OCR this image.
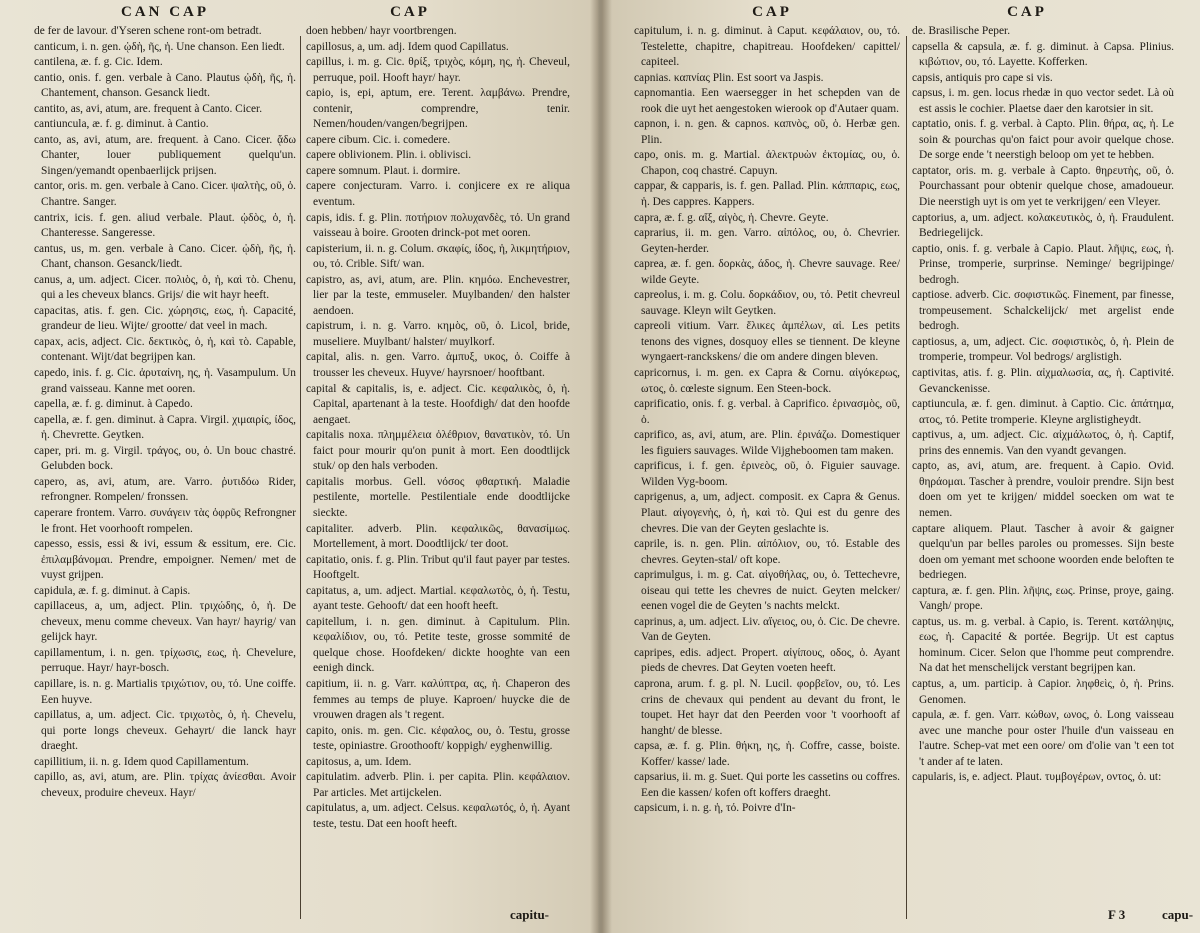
CAN CAP	CAP

de fer de lavour. d'Yseren schene ront-om betradt.

canticum, i. n. gen. ᾠδὴ, ῆς, ἡ. Une chanson. Een liedt.

cantilena, æ. f. g. Cic. Idem.

cantio, onis. f. gen. verbale à Cano. Plautus ᾠδὴ, ῆς, ἡ. Chantement, chanson. Gesanck liedt.

cantito, as, avi, atum, are. frequent à Canto. Cicer.

cantiuncula, æ. f. g. diminut. à Cantio.

canto, as, avi, atum, are. frequent. à Cano. Cicer. ᾄδω Chanter, louer publiquement quelqu'un. Singen/yemandt openbaerlijck prijsen.

cantor, oris. m. gen. verbale à Cano. Cicer. ψαλτὴς, οῦ, ὁ. Chantre. Sanger.

cantrix, icis. f. gen. aliud verbale. Plaut. ᾠδὸς, ὁ, ἡ. Chanteresse. Sangeresse.

cantus, us, m. gen. verbale à Cano. Cicer. ᾠδὴ, ῆς, ἡ. Chant, chanson. Gesanck/liedt.

canus, a, um. adject. Cicer. πολιὸς, ὁ, ἡ, καὶ τὸ. Chenu, qui a les cheveux blancs. Grijs/ die wit hayr heeft.

capacitas, atis. f. gen. Cic. χώρησις, εως, ἡ. Capacité, grandeur de lieu. Wijte/ grootte/ dat veel in mach.

capax, acis, adject. Cic. δεκτικὸς, ὁ, ἡ, καὶ τὸ. Capable, contenant. Wijt/dat begrijpen kan.

capedo, inis. f. g. Cic. ἀρυταίνη, ης, ἡ. Vasampulum. Un grand vaisseau. Kanne met ooren.

capella, æ. f. g. diminut. à Capedo.

capella, æ. f. gen. diminut. à Capra. Virgil. χιμαιρίς, ίδος, ἡ. Chevrette. Geytken.

caper, pri. m. g. Virgil. τράγος, ου, ὁ. Un bouc chastré. Gelubden bock.

capero, as, avi, atum, are. Varro. ῥυτιδόω Rider, refrongner. Rompelen/ fronssen.

caperare frontem. Varro. συνάγειν τὰς ὀφρῦς Refrongner le front. Het voorhooft rompelen.

capesso, essis, essi & ivi, essum & essitum, ere. Cic. ἐπιλαμβάνομαι. Prendre, empoigner. Nemen/ met de vuyst grijpen.

capidula, æ. f. g. diminut. à Capis.

capillaceus, a, um, adject. Plin. τριχώδης, ὁ, ἡ. De cheveux, menu comme cheveux. Van hayr/ hayrig/ van gelijck hayr.

capillamentum, i. n. gen. τρίχωσις, εως, ἡ. Chevelure, perruque. Hayr/ hayr-bosch.

capillare, is. n. g. Martialis τριχώτιον, ου, τό. Une coiffe. Een huyve.

capillatus, a, um. adject. Cic. τριχωτὸς, ὁ, ἡ. Chevelu, qui porte longs cheveux. Gehayrt/ die lanck hayr draeght.

capillitium, ii. n. g. Idem quod Capillamentum.

capillo, as, avi, atum, are. Plin. τρίχας ἀνίεσθαι. Avoir cheveux, produire cheveux. Hayr/

doen hebben/ hayr voortbrengen.

capillosus, a, um. adj. Idem quod Capillatus.

capillus, i. m. g. Cic. θρίξ, τριχὸς, κόμη, ης, ἡ. Cheveul, perruque, poil. Hooft hayr/ hayr.

capio, is, epi, aptum, ere. Terent. λαμβάνω. Prendre, contenir, comprendre, tenir. Nemen/houden/vangen/begrijpen.

capere cibum. Cic. i. comedere.

capere oblivionem. Plin. i. oblivisci.

capere somnum. Plaut. i. dormire.

capere conjecturam. Varro. i. conjicere ex re aliqua eventum.

capis, idis. f. g. Plin. ποτήριον πολυχανδὲς, τό. Un grand vaisseau à boire. Grooten drinck-pot met ooren.

capisterium, ii. n. g. Colum. σκαφίς, ίδος, ἡ, λικμητήριον, ου, τό. Crible. Sift/ wan.

capistro, as, avi, atum, are. Plin. κημόω. Enchevestrer, lier par la teste, emmuseler. Muylbanden/ den halster aendoen.

capistrum, i. n. g. Varro. κημὸς, οῦ, ὁ. Licol, bride, museliere. Muylbant/ halster/ muylkorf.

capital, alis. n. gen. Varro. ἀμπυξ, υκος, ὁ. Coiffe à trousser les cheveux. Huyve/ hayrsnoer/ hooftbant.

capital & capitalis, is, e. adject. Cic. κεφαλικὸς, ὁ, ἡ. Capital, apartenant à la teste. Hoofdigh/ dat den hoofde aengaet.

capitalis noxa. πλημμέλεια ὀλέθριον, θανατικὸν, τό. Un faict pour mourir qu'on punit à mort. Een doodtlijck stuk/ op den hals verboden.

capitalis morbus. Gell. νόσος φθαρτική. Maladie pestilente, mortelle. Pestilentiale ende doodtlijcke sieckte.

capitaliter. adverb. Plin. κεφαλικῶς, θανασίμως. Mortellement, à mort. Doodtlijck/ ter doot.

capitatio, onis. f. g. Plin. Tribut qu'il faut payer par testes. Hooftgelt.

capitatus, a, um. adject. Martial. κεφαλωτὸς, ὁ, ἡ. Testu, ayant teste. Gehooft/ dat een hooft heeft.

capitellum, i. n. gen. diminut. à Capitulum. Plin. κεφαλίδιον, ου, τό. Petite teste, grosse sommité de quelque chose. Hoofdeken/ dickte hooghte van een eenigh dinck.

capitium, ii. n. g. Varr. καλύπτρα, ας, ἡ. Chaperon des femmes au temps de pluye. Kaproen/ huycke die de vrouwen dragen als 't regent.

capito, onis. m. gen. Cic. κέφαλος, ου, ὁ. Testu, grosse teste, opiniastre. Groothooft/ koppigh/ eyghenwillig.

capitosus, a, um. Idem.

capitulatim. adverb. Plin. i. per capita. Plin. κεφάλαιον. Par articles. Met artijckelen.

capitulatus, a, um. adject. Celsus. κεφαλωτός, ὁ, ἡ. Ayant teste, testu. Dat een hooft heeft.

capitu-
CAP	CAP

capitulum, i. n. g. diminut. à Caput. κεφάλαιον, ου, τό. Testelette, chapitre, chapitreau. Hoofdeken/ capittel/ capiteel.

capnias. καπνίας Plin. Est soort va Jaspis.

capnomantia. Een waersegger in het schepden van de rook die uyt het aengestoken wierook op d'Autaer quam.

capnon, i. n. gen. & capnos. καπνὸς, οῦ, ὁ. Herbæ gen. Plin.

capo, onis. m. g. Martial. ἀλεκτρυὼν ἐκτομίας, ου, ὁ. Chapon, coq chastré. Capuyn.

cappar, & capparis, is. f. gen. Pallad. Plin. κάππαρις, εως, ἡ. Des cappres. Kappers.

capra, æ. f. g. αἴξ, αἰγὸς, ἡ. Chevre. Geyte.

caprarius, ii. m. gen. Varro. αἰπόλος, ου, ὁ. Chevrier. Geyten-herder.

caprea, æ. f. gen. δορκὰς, άδος, ἡ. Chevre sauvage. Ree/ wilde Geyte.

capreolus, i. m. g. Colu. δορκάδιον, ου, τό. Petit chevreul sauvage. Kleyn wilt Geytken.

capreoli vitium. Varr. ἕλικες ἀμπέλων, αἱ. Les petits tenons des vignes, dosquoy elles se tiennent. De kleyne wyngaert-ranckskens/ die om andere dingen bleven.

capricornus, i. m. gen. ex Capra & Cornu. αἰγόκερως, ωτος, ὁ. cœleste signum. Een Steen-bock.

caprificatio, onis. f. g. verbal. à Caprifico. ἐρινασμὸς, οῦ, ὁ.

caprifico, as, avi, atum, are. Plin. ἐρινάζω. Domestiquer les figuiers sauvages. Wilde Vijgheboomen tam maken.

caprificus, i. f. gen. ἐρινεὸς, οῦ, ὁ. Figuier sauvage. Wilden Vyg-boom.

caprigenus, a, um, adject. composit. ex Capra & Genus. Plaut. αἰγογενὴς, ὁ, ἡ, καὶ τὸ. Qui est du genre des chevres. Die van der Geyten geslachte is.

caprile, is. n. gen. Plin. αἰπόλιον, ου, τό. Estable des chevres. Geyten-stal/ oft kope.

caprimulgus, i. m. g. Cat. αἰγοθήλας, ου, ὁ. Tettechevre, oiseau qui tette les chevres de nuict. Geyten melcker/ eenen vogel die de Geyten 's nachts melckt.

caprinus, a, um. adject. Liv. αἴγειος, ου, ὁ. Cic. De chevre. Van de Geyten.

capripes, edis. adject. Propert. αἰγίπους, οδος, ὁ. Ayant pieds de chevres. Dat Geyten voeten heeft.

caprona, arum. f. g. pl. N. Lucil. φορβεῖον, ου, τό. Les crins de chevaux qui pendent au devant du front, le toupet. Het hayr dat den Peerden voor 't voorhooft af hanght/ de blesse.

capsa, æ. f. g. Plin. θήκη, ης, ἡ. Coffre, casse, boiste. Koffer/ kasse/ lade.

capsarius, ii. m. g. Suet. Qui porte les cassetins ou coffres. Een die kassen/ kofen oft koffers draeght.

capsicum, i. n. g. ἡ, τό. Poivre d'In-

de. Brasilische Peper.

capsella & capsula, æ. f. g. diminut. à Capsa. Plinius. κιβώτιον, ου, τό. Layette. Kofferken.

capsis, antiquis pro cape si vis.

capsus, i. m. gen. locus rhedæ in quo vector sedet. Là où est assis le cochier. Plaetse daer den karotsier in sit.

captatio, onis. f. g. verbal. à Capto. Plin. θήρα, ας, ἡ. Le soin & pourchas qu'on faict pour avoir quelque chose. De sorge ende 't neerstigh beloop om yet te hebben.

captator, oris. m. g. verbale à Capto. θηρευτὴς, οῦ, ὁ. Pourchassant pour obtenir quelque chose, amadoueur. Die neerstigh uyt is om yet te verkrijgen/ een Vleyer.

captorius, a, um. adject. κολακευτικὸς, ὁ, ἡ. Fraudulent. Bedriegelijck.

captio, onis. f. g. verbale à Capio. Plaut. λῆψις, εως, ἡ. Prinse, tromperie, surprinse. Neminge/ begrijpinge/ bedrogh.

captiose. adverb. Cic. σοφιστικῶς. Finement, par finesse, trompeusement. Schalckelijck/ met argelist ende bedrogh.

captiosus, a, um, adject. Cic. σοφιστικὸς, ὁ, ἡ. Plein de tromperie, trompeur. Vol bedrogs/ arglistigh.

captivitas, atis. f. g. Plin. αἰχμαλωσία, ας, ἡ. Captivité. Gevanckenisse.

captiuncula, æ. f. gen. diminut. à Captio. Cic. ἀπάτημα, ατος, τό. Petite tromperie. Kleyne arglistigheydt.

captivus, a, um. adject. Cic. αἰχμάλωτος, ὁ, ἡ. Captif, prins des ennemis. Van den vyandt gevangen.

capto, as, avi, atum, are. frequent. à Capio. Ovid. θηράομαι. Tascher à prendre, vouloir prendre. Sijn best doen om yet te krijgen/ middel soecken om wat te nemen.

captare aliquem. Plaut. Tascher à avoir & gaigner quelqu'un par belles paroles ou promesses. Sijn beste doen om yemant met schoone woorden ende beloften te bedriegen.

captura, æ. f. gen. Plin. λῆψις, εως. Prinse, proye, gaing. Vangh/ prope.

captus, us. m. g. verbal. à Capio, is. Terent. κατάληψις, εως, ἡ. Capacité & portée. Begrijp. Ut est captus hominum. Cicer. Selon que l'homme peut comprendre. Na dat het menschelijck verstant begrijpen kan.

captus, a, um. particip. à Capior. ληφθεὶς, ὁ, ἡ. Prins. Genomen.

capula, æ. f. gen. Varr. κώθων, ωνος, ὁ. Long vaisseau avec une manche pour oster l'huile d'un vaisseau en l'autre. Schep-vat met een oore/ om d'olie van 't een tot 't ander af te laten.

capularis, is, e. adject. Plaut. τυμβογέρων, οντος, ὁ. ut:

F 3	capu-
